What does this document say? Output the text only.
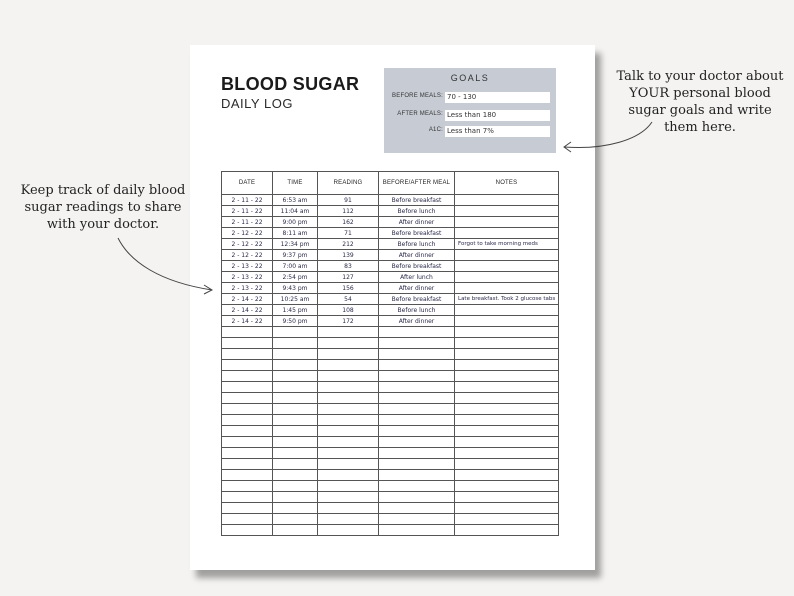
BLOOD SUGAR
DAILY LOG
GOALS
BEFORE MEALS: 70 - 130
AFTER MEALS: Less than 180
A1C: Less than 7%
DATE	TIME	READING	BEFORE/AFTER MEAL	NOTES
2 - 11 - 22	6:53 am	91	Before breakfast	
2 - 11 - 22	11:04 am	112	Before lunch	
2 - 11 - 22	9:00 pm	162	After dinner	
2 - 12 - 22	8:11 am	71	Before breakfast	
2 - 12 - 22	12:34 pm	212	Before lunch	Forgot to take morning meds
2 - 12 - 22	9:37 pm	139	After dinner	
2 - 13 - 22	7:00 am	83	Before breakfast	
2 - 13 - 22	2:54 pm	127	After lunch	
2 - 13 - 22	9:43 pm	156	After dinner	
2 - 14 - 22	10:25 am	54	Before breakfast	Late breakfast. Took 2 glucose tabs
2 - 14 - 22	1:45 pm	108	Before lunch	
2 - 14 - 22	9:50 pm	172	After dinner	

Keep track of daily blood sugar readings to share with your doctor.
Talk to your doctor about YOUR personal blood sugar goals and write them here.
